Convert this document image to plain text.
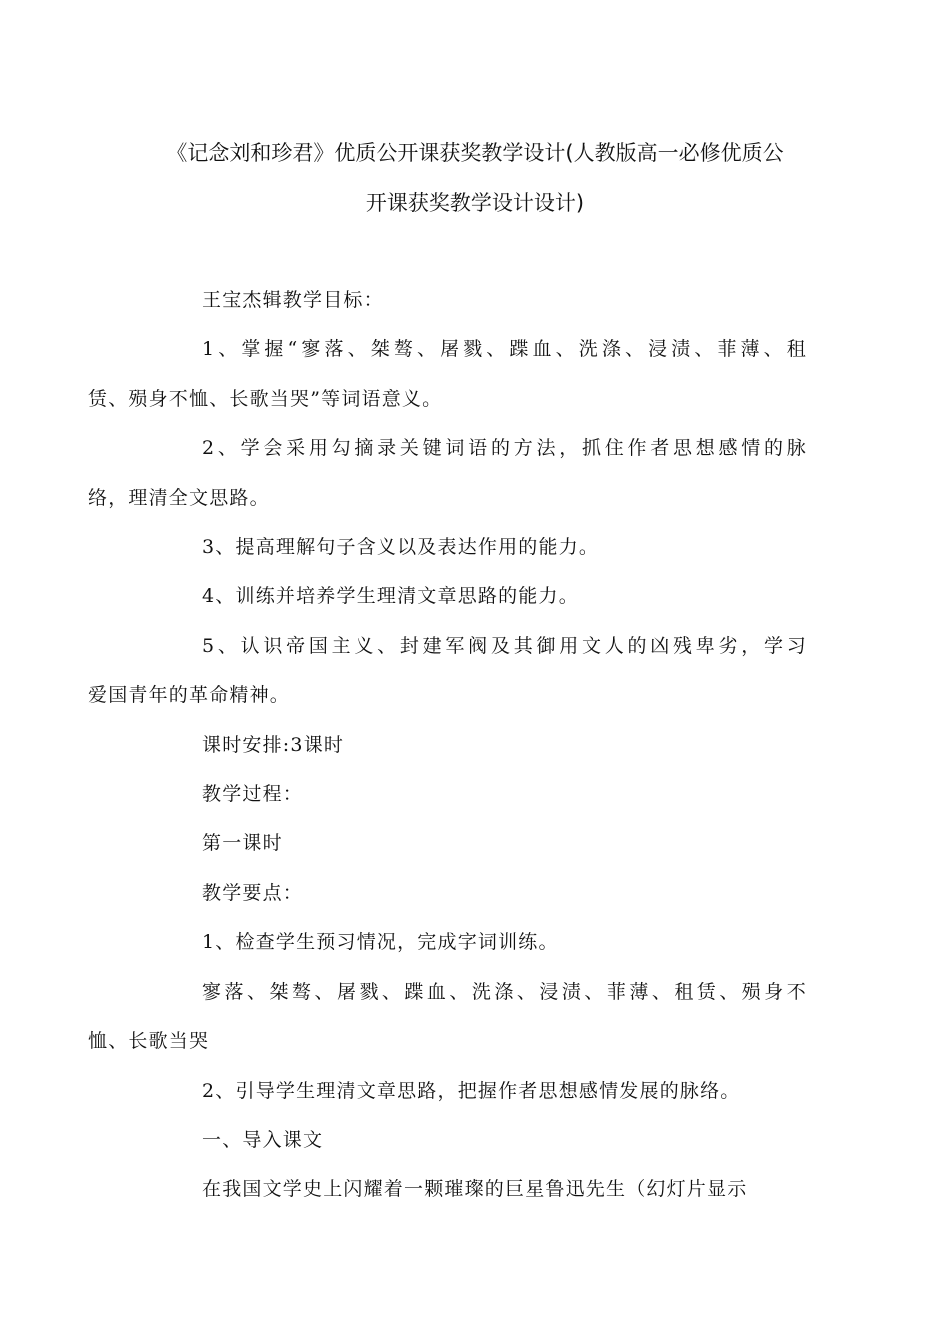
《记念刘和珍君》优质公开课获奖教学设计(人教版高一必修优质公
开课获奖教学设计设计)

王宝杰辑教学目标：

1、掌握“寥落、桀骜、屠戮、蹀血、洗涤、浸渍、菲薄、租
赁、殒身不恤、长歌当哭”等词语意义。

2、学会采用勾摘录关键词语的方法，抓住作者思想感情的脉
络，理清全文思路。

3、提高理解句子含义以及表达作用的能力。

4、训练并培养学生理清文章思路的能力。

5、认识帝国主义、封建军阀及其御用文人的凶残卑劣，学习
爱国青年的革命精神。

课时安排:3课时

教学过程：

第一课时

教学要点：

1、检查学生预习情况，完成字词训练。

寥落、桀骜、屠戮、蹀血、洗涤、浸渍、菲薄、租赁、殒身不
恤、长歌当哭

2、引导学生理清文章思路，把握作者思想感情发展的脉络。

一、导入课文

在我国文学史上闪耀着一颗璀璨的巨星鲁迅先生（幻灯片显示
